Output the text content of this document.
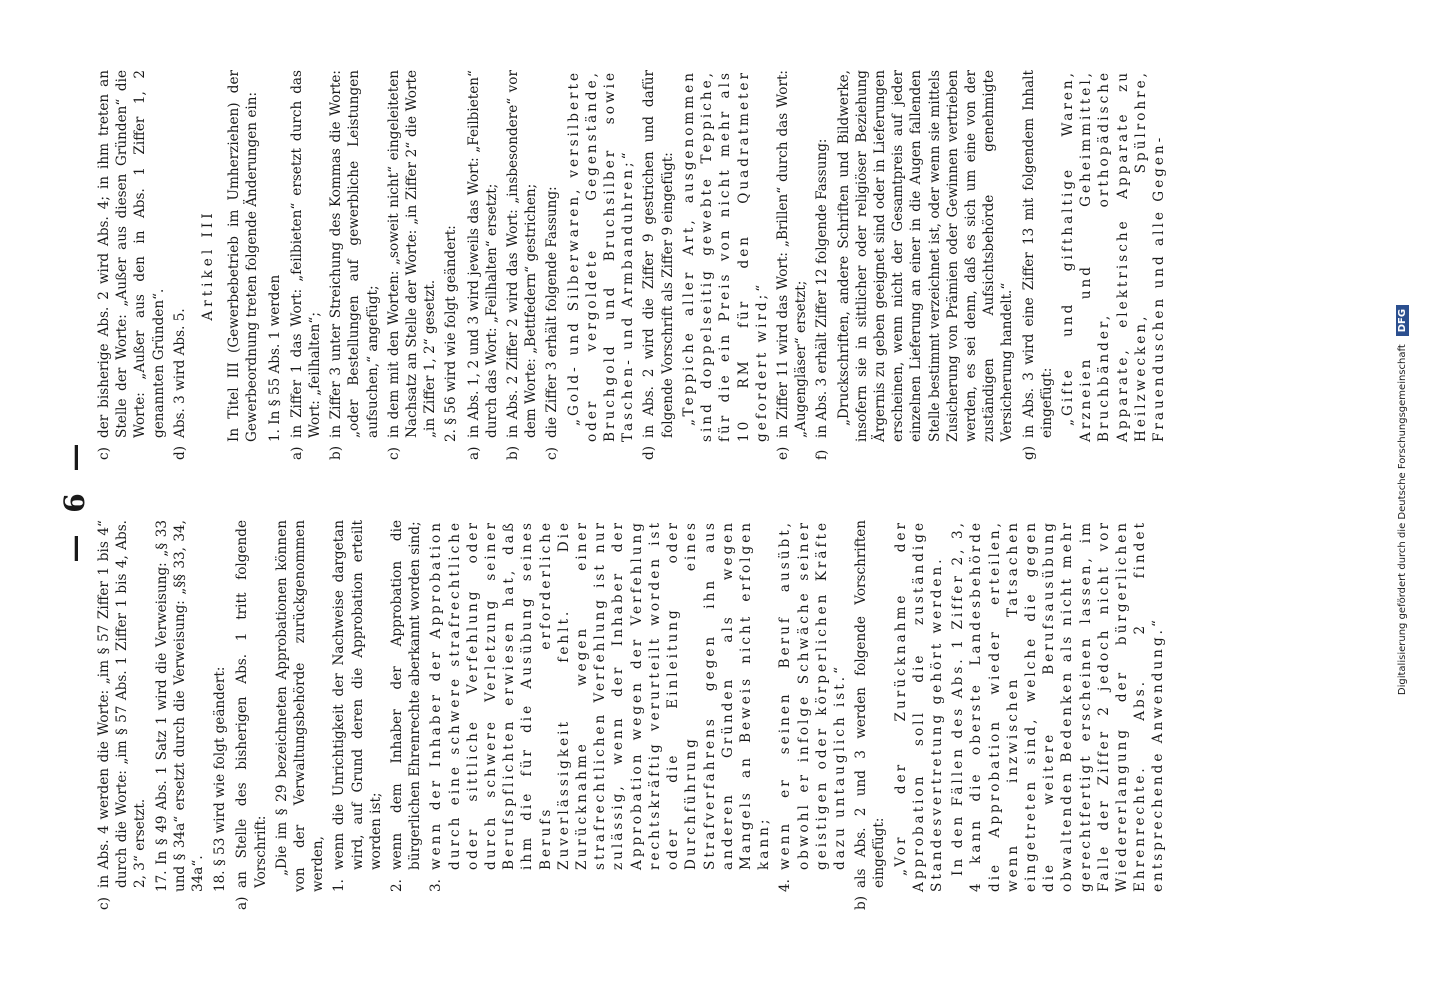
— 6 —
c)
in Abs. 4 werden die Worte: „im § 57 Ziffer 1 bis 4“ durch die Worte: „im § 57 Abs. 1 Ziffer 1 bis 4, Abs. 2, 3“ ersetzt. 17. In § 49 Abs. 1 Satz 1 wird die Verweisung: „§ 33 und § 34a“ ersetzt durch die Verweisung: „§§ 33, 34, 34a“. 18. § 53 wird wie folgt geändert:

a)
an Stelle des bisherigen Abs. 1 tritt folgende Vorschrift: „Die im § 29 bezeichneten Approbationen können von der Verwaltungsbehörde zurückgenommen werden, 1.
wenn die Unrichtigkeit der Nachweise dargetan wird, auf Grund deren die Approbation erteilt worden ist;
2.
wenn dem Inhaber der Approbation die bürgerlichen Ehrenrechte aberkannt worden sind;
3.
wenn der Inhaber der Approbation durch eine schwere strafrechtliche oder sittliche Verfehlung oder durch schwere Verletzung seiner Berufspflichten erwiesen hat, daß ihm die für die Ausübung seines Berufs erforderliche Zuverlässigkeit fehlt. Die Zurücknahme wegen einer strafrechtlichen Verfehlung ist nur zulässig, wenn der Inhaber der Approbation wegen der Verfehlung rechtskräftig verurteilt worden ist oder die Einleitung oder Durchführung eines Strafverfahrens gegen ihn aus anderen Gründen als wegen Mangels an Beweis nicht erfolgen kann;
4.
wenn er seinen Beruf ausübt, obwohl er infolge Schwäche seiner geistigen oder körperlichen Kräfte dazu untauglich ist.“
b)
als Abs. 2 und 3 werden folgende Vorschriften eingefügt: „Vor der Zurücknahme der Approbation soll die zuständige Standesvertretung gehört werden. In den Fällen des Abs. 1 Ziffer 2, 3, 4 kann die oberste Landesbehörde die Approbation wieder erteilen, wenn inzwischen Tatsachen eingetreten sind, welche die gegen die weitere Berufsausübung obwaltenden Bedenken als nicht mehr gerechtfertigt erscheinen lassen, im Falle der Ziffer 2 jedoch nicht vor Wiedererlangung der bürgerlichen Ehrenrechte. Abs. 2 findet entsprechende Anwendung.“

c)
der bisherige Abs. 2 wird Abs. 4; in ihm treten an Stelle der Worte: „Außer aus diesen Gründen“ die Worte: „Außer aus den in Abs. 1 Ziffer 1, 2 genannten Gründen“.
d)
Abs. 3 wird Abs. 5.
Artikel III In Titel III (Gewerbebetrieb im Umherziehen) der Gewerbeordnung treten folgende Änderungen ein: 1. In § 55 Abs. 1 werden

a)
in Ziffer 1 das Wort: „feilbieten“ ersetzt durch das Wort: „feilhalten“;
b)
in Ziffer 3 unter Streichung des Kommas die Worte: „oder Bestellungen auf gewerbliche Leistungen aufsuchen,“ angefügt;
c)
in dem mit den Worten: „soweit nicht“ eingeleiteten Nachsatz an Stelle der Worte: „in Ziffer 2“ die Worte „in Ziffer 1, 2“ gesetzt. 2. § 56 wird wie folgt geändert:

a)
in Abs. 1, 2 und 3 wird jeweils das Wort: „Feilbieten“ durch das Wort: „Feilhalten“ ersetzt;
b)
in Abs. 2 Ziffer 2 wird das Wort: „insbesondere“ vor dem Worte: „Bettfedern“ gestrichen;
c)
die Ziffer 3 erhält folgende Fassung: „Gold- und Silberwaren, versilberte oder vergoldete Gegenstände, Bruchgold und Bruchsilber sowie Taschen- und Armbanduhren;“

d)
in Abs. 2 wird die Ziffer 9 gestrichen und dafür folgende Vorschrift als Ziffer 9 eingefügt: „Teppiche aller Art, ausgenommen sind doppelseitig gewebte Teppiche, für die ein Preis von nicht mehr als 10 RM für den Quadratmeter gefordert wird;“

e)
in Ziffer 11 wird das Wort: „Brillen“ durch das Wort: „Augengläser“ ersetzt;
f)
in Abs. 3 erhält Ziffer 12 folgende Fassung: „Druckschriften, andere Schriften und Bildwerke, insofern sie in sittlicher oder religiöser Beziehung Ärgernis zu geben geeignet sind oder in Lieferungen erscheinen, wenn nicht der Gesamtpreis auf jeder einzelnen Lieferung an einer in die Augen fallenden Stelle bestimmt verzeichnet ist, oder wenn sie mittels Zusicherung von Prämien oder Gewinnen vertrieben werden, es sei denn, daß es sich um eine von der zuständigen Aufsichtsbehörde genehmigte Versicherung handelt.“

g)
in Abs. 3 wird eine Ziffer 13 mit folgendem Inhalt eingefügt: „Gifte und gifthaltige Waren, Arzneien und Geheimmittel, Bruchbänder, orthopädische Apparate, elektrische Apparate zu Heilzwecken, Spülrohre, Frauenduschen und alle Gegen-

Digitalisierung gefördert durch die Deutsche Forschungsgemeinschaft
DFG
